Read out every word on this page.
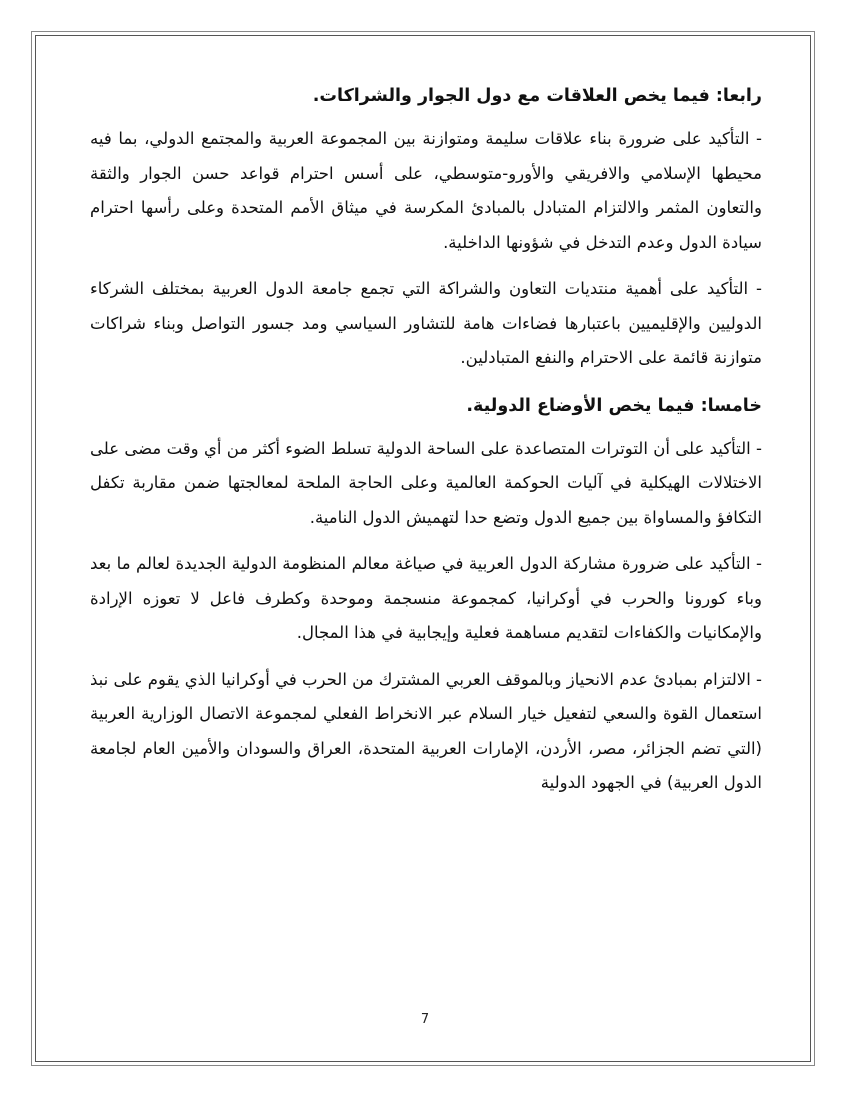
رابعا: فيما يخص العلاقات مع دول الجوار والشراكات.

- التأكيد على ضرورة بناء علاقات سليمة ومتوازنة بين المجموعة العربية والمجتمع الدولي، بما فيه محيطها الإسلامي والافريقي والأورو-متوسطي، على أسس احترام قواعد حسن الجوار والثقة والتعاون المثمر والالتزام المتبادل بالمبادئ المكرسة في ميثاق الأمم المتحدة وعلى رأسها احترام سيادة الدول وعدم التدخل في شؤونها الداخلية.

- التأكيد على أهمية منتديات التعاون والشراكة التي تجمع جامعة الدول العربية بمختلف الشركاء الدوليين والإقليميين باعتبارها فضاءات هامة للتشاور السياسي ومد جسور التواصل وبناء شراكات متوازنة قائمة على الاحترام والنفع المتبادلين.

خامسا: فيما يخص الأوضاع الدولية.

- التأكيد على أن التوترات المتصاعدة على الساحة الدولية تسلط الضوء أكثر من أي وقت مضى على الاختلالات الهيكلية في آليات الحوكمة العالمية وعلى الحاجة الملحة لمعالجتها ضمن مقاربة تكفل التكافؤ والمساواة بين جميع الدول وتضع حدا لتهميش الدول النامية.

- التأكيد على ضرورة مشاركة الدول العربية في صياغة معالم المنظومة الدولية الجديدة لعالم ما بعد وباء كورونا والحرب في أوكرانيا، كمجموعة منسجمة وموحدة وكطرف فاعل لا تعوزه الإرادة والإمكانيات والكفاءات لتقديم مساهمة فعلية وإيجابية في هذا المجال.

- الالتزام بمبادئ عدم الانحياز وبالموقف العربي المشترك من الحرب في أوكرانيا الذي يقوم على نبذ استعمال القوة والسعي لتفعيل خيار السلام عبر الانخراط الفعلي لمجموعة الاتصال الوزارية العربية (التي تضم الجزائر، مصر، الأردن، الإمارات العربية المتحدة، العراق والسودان والأمين العام لجامعة الدول العربية) في الجهود الدولية

7
